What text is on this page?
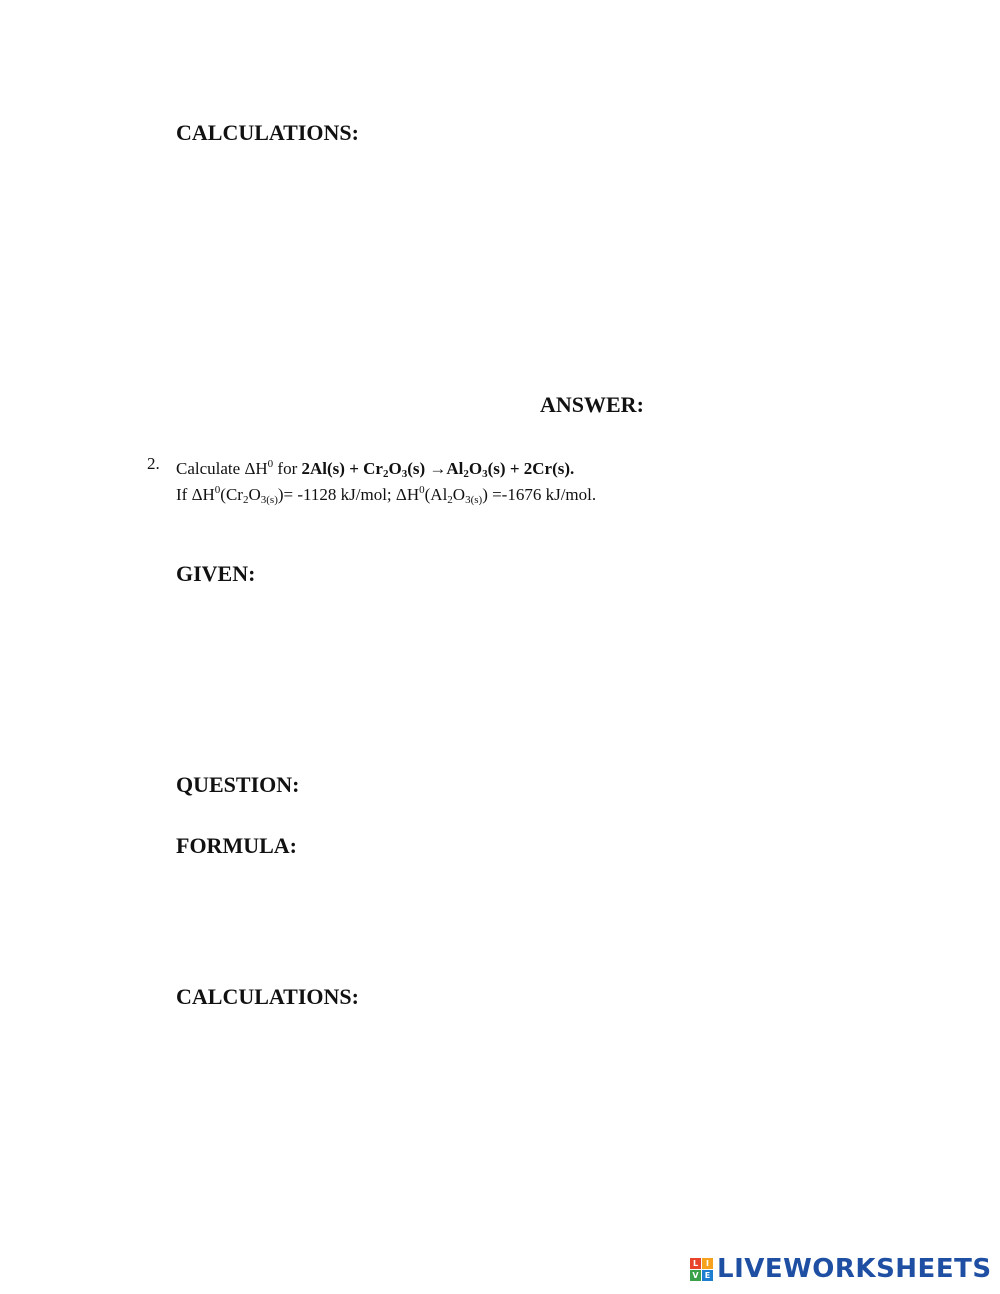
CALCULATIONS:
ANSWER:
2. Calculate $\Delta H^0$ for $2Al(s) + Cr_2O_3(s) \to Al_2O_3(s) + 2Cr(s)$.
If $\Delta H^0(Cr_2O_{3(s)})= -1128$ kJ/mol; $\Delta H^0(Al_2O_{3(s)}) =-1676$ kJ/mol.
GIVEN:
QUESTION:
FORMULA:
CALCULATIONS:
L I
V E LIVEWORKSHEETS
